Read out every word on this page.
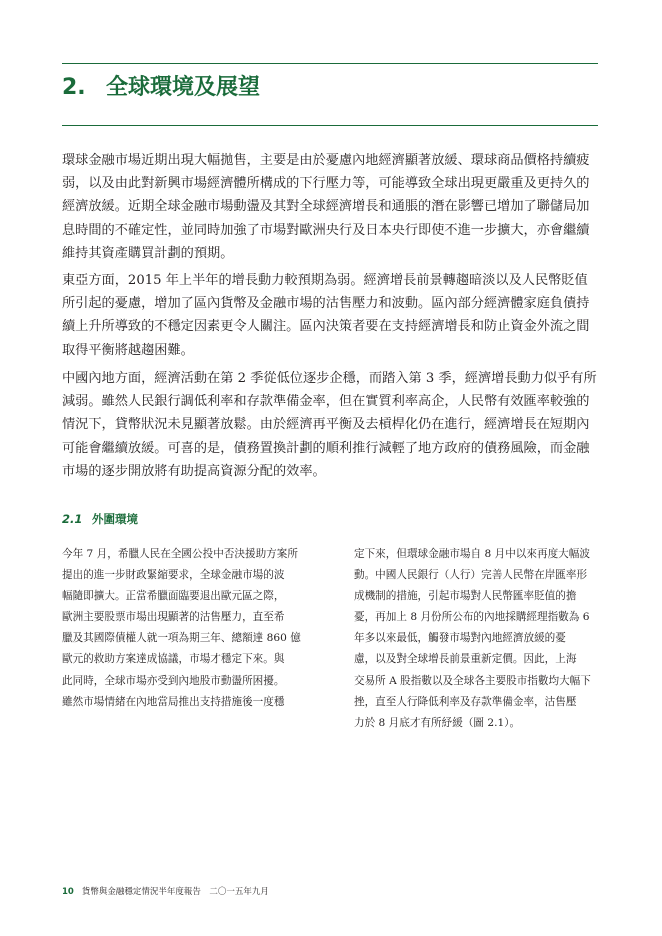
2. 全球環境及展望
環球金融市場近期出現大幅拋售，主要是由於憂慮內地經濟顯著放緩、環球商品價格持續疲
弱，以及由此對新興市場經濟體所構成的下行壓力等，可能導致全球出現更嚴重及更持久的
經濟放緩。近期全球金融市場動盪及其對全球經濟增長和通脹的潛在影響已增加了聯儲局加
息時間的不確定性，並同時加強了市場對歐洲央行及日本央行即使不進一步擴大，亦會繼續
維持其資產購買計劃的預期。
東亞方面，2015 年上半年的增長動力較預期為弱。經濟增長前景轉趨暗淡以及人民幣貶值
所引起的憂慮，增加了區內貨幣及金融市場的沽售壓力和波動。區內部分經濟體家庭負債持
續上升所導致的不穩定因素更令人關注。區內決策者要在支持經濟增長和防止資金外流之間
取得平衡將越趨困難。
中國內地方面，經濟活動在第 2 季從低位逐步企穩，而踏入第 3 季，經濟增長動力似乎有所
減弱。雖然人民銀行調低利率和存款準備金率，但在實質利率高企，人民幣有效匯率較強的
情況下，貸幣狀況未見顯著放鬆。由於經濟再平衡及去槓桿化仍在進行，經濟增長在短期內
可能會繼續放緩。可喜的是，債務置換計劃的順利推行減輕了地方政府的債務風險，而金融
市場的逐步開放將有助提高資源分配的效率。
2.1 外圍環境
今年 7 月，希臘人民在全國公投中否決援助方案所
提出的進一步財政緊縮要求，全球金融市場的波
幅隨即擴大。正當希臘面臨要退出歐元區之際，
歐洲主要股票市場出現顯著的沽售壓力，直至希
臘及其國際債權人就一項為期三年、總額達 860 億
歐元的救助方案達成協議，市場才穩定下來。與
此同時，全球市場亦受到內地股市動盪所困擾。
雖然市場情緒在內地當局推出支持措施後一度穩
定下來，但環球金融市場自 8 月中以來再度大幅波
動。中國人民銀行（人行）完善人民幣在岸匯率形
成機制的措施，引起市場對人民幣匯率貶值的擔
憂，再加上 8 月份所公布的內地採購經理指數為 6
年多以來最低，觸發市場對內地經濟放緩的憂
慮，以及對全球增長前景重新定價。因此，上海
交易所 A 股指數以及全球各主要股市指數均大幅下
挫，直至人行降低利率及存款準備金率，沽售壓
力於 8 月底才有所紓緩（圖 2.1）。
10 貨幣與金融穩定情況半年度報告　二〇一五年九月
